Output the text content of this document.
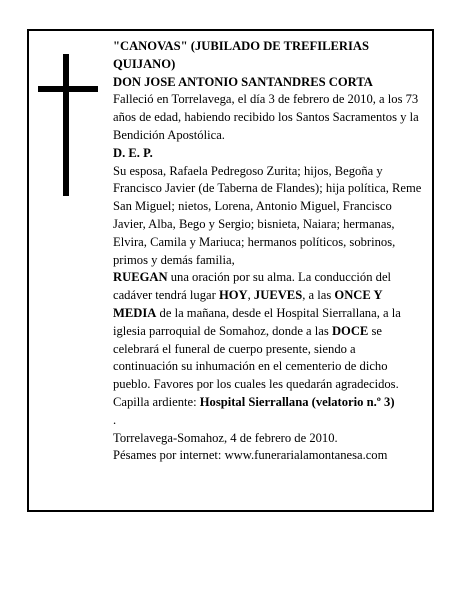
"CANOVAS" (JUBILADO DE TREFILERIAS QUIJANO)

DON JOSE ANTONIO SANTANDRES CORTA

Falleció en Torrelavega, el día 3 de febrero de 2010, a los 73 años de edad, habiendo recibido los Santos Sacramentos y la Bendición Apostólica.

D. E. P.

Su esposa, Rafaela Pedregoso Zurita; hijos, Begoña y Francisco Javier (de Taberna de Flandes); hija política, Reme San Miguel; nietos, Lorena, Antonio Miguel, Francisco Javier, Alba, Bego y Sergio; bisnieta, Naiara; hermanas, Elvira, Camila y Mariuca; hermanos políticos, sobrinos, primos y demás familia,

RUEGAN una oración por su alma. La conducción del cadáver tendrá lugar HOY, JUEVES, a las ONCE Y MEDIA de la mañana, desde el Hospital Sierrallana, a la iglesia parroquial de Somahoz, donde a las DOCE se celebrará el funeral de cuerpo presente, siendo a continuación su inhumación en el cementerio de dicho pueblo. Favores por los cuales les quedarán agradecidos.

Capilla ardiente: Hospital Sierrallana (velatorio n.º 3)

.

Torrelavega-Somahoz, 4 de febrero de 2010.

Pésames por internet: www.funerarialamontanesa.com
